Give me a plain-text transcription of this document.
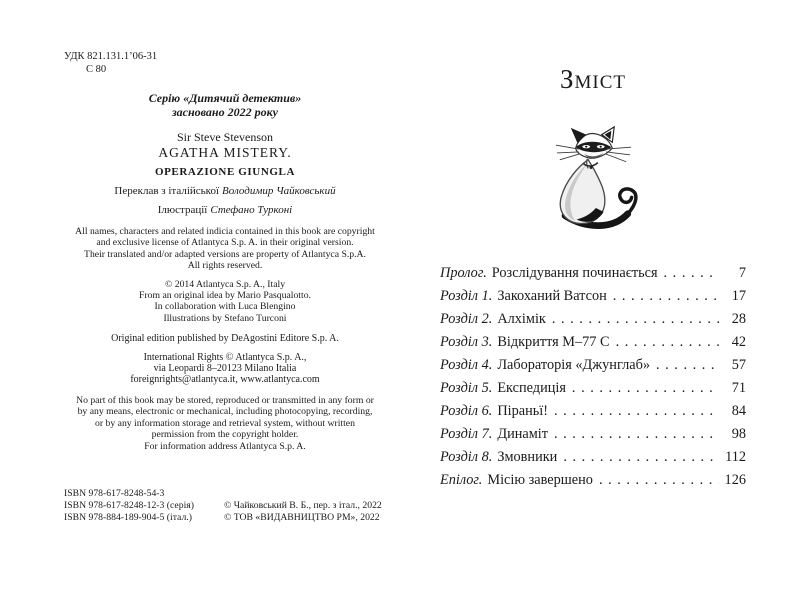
УДК 821.131.1’06-31
С 80
Серію «Дитячий детектив»
засновано 2022 року
Sir Steve Stevenson
AGATHA MISTERY.
OPERAZIONE GIUNGLA
Переклав з італійської Володимир Чайковський
Ілюстрації Стефано Турконі
All names, characters and related indicia contained in this book are copyright
and exclusive license of Atlantyca S.p. A. in their original version.
Their translated and/or adapted versions are property of Atlantyca S.p.A.
All rights reserved.
© 2014 Atlantyca S.p. A., Italy
From an original idea by Mario Pasqualotto.
In collaboration with Luca Blengino
Illustrations by Stefano Turconi
Original edition published by DeAgostini Editore S.p. A.
International Rights © Atlantyca S.p. A.,
via Leopardi 8–20123 Milano Italia
foreignrights@atlantyca.it, www.atlantyca.com
No part of this book may be stored, reproduced or transmitted in any form or
by any means, electronic or mechanical, including photocopying, recording,
or by any information storage and retrieval system, without written
permission from the copyright holder.
For information address Atlantyca S.p. A.
ISBN 978-617-8248-54-3
ISBN 978-617-8248-12-3 (серія)
ISBN 978-884-189-904-5 (італ.)
© Чайковський В. Б., пер. з італ., 2022
© ТОВ «ВИДАВНИЦТВО РМ», 2022
ЗМІСТ
Пролог. Розслідування починається . . .	7
Розділ 1. Закоханий Ватсон . . .	17
Розділ 2. Алхімік . . .	28
Розділ 3. Відкриття М–77 С . . .	42
Розділ 4. Лабораторія «Джунглаб» . . .	57
Розділ 5. Експедиція . . .	71
Розділ 6. Піраньї! . . .	84
Розділ 7. Динаміт . . .	98
Розділ 8. Змовники . . .	112
Епілог. Місію завершено . . .	126
